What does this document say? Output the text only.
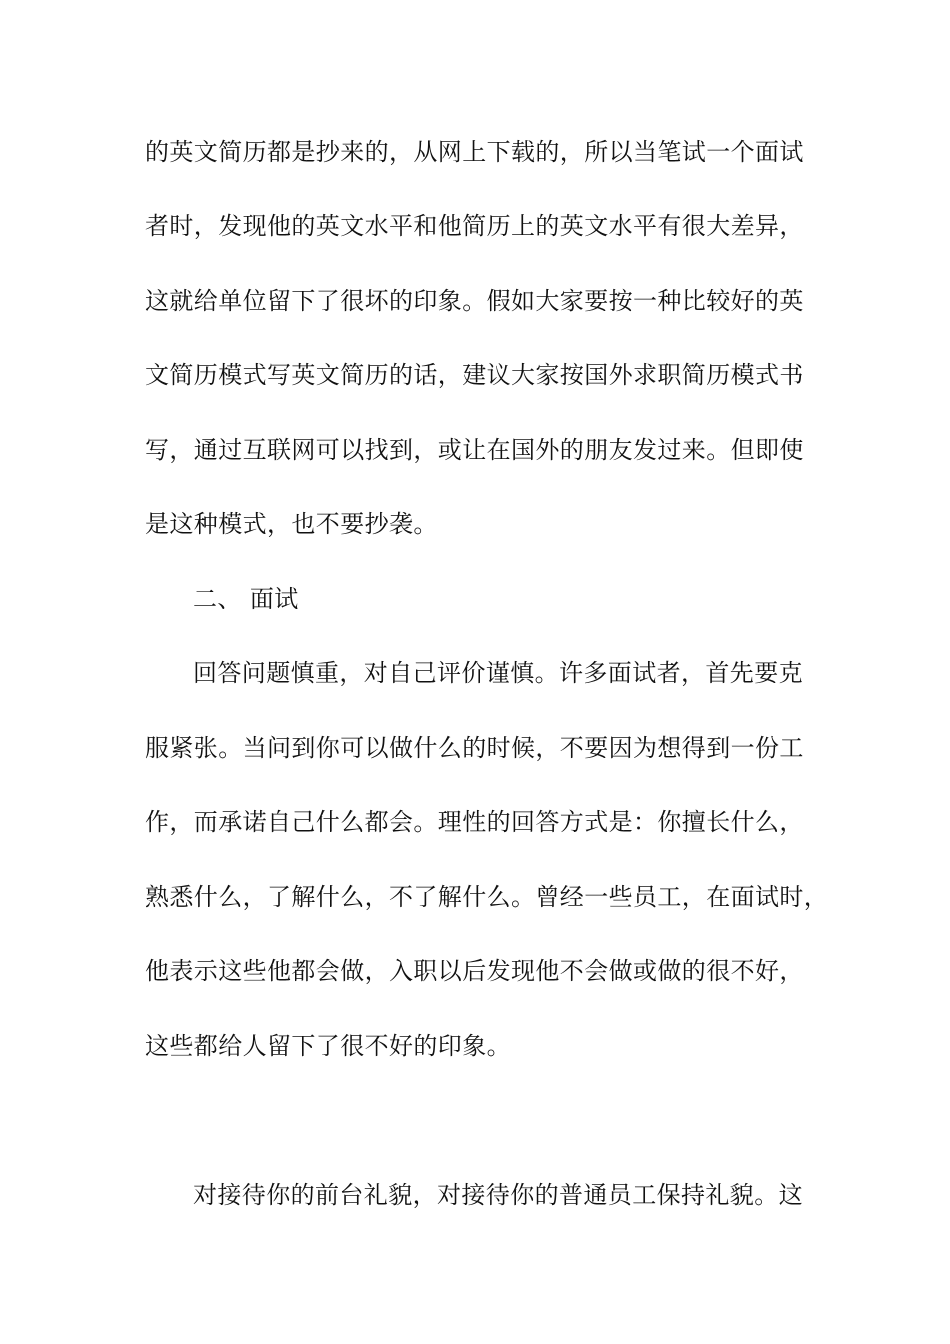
的英文简历都是抄来的，从网上下载的，所以当笔试一个面试
者时，发现他的英文水平和他简历上的英文水平有很大差异，
这就给单位留下了很坏的印象。假如大家要按一种比较好的英
文简历模式写英文简历的话，建议大家按国外求职简历模式书
写，通过互联网可以找到，或让在国外的朋友发过来。但即使
是这种模式，也不要抄袭。
二、 面试
回答问题慎重，对自己评价谨慎。许多面试者，首先要克
服紧张。当问到你可以做什么的时候，不要因为想得到一份工
作，而承诺自己什么都会。理性的回答方式是：你擅长什么，
熟悉什么，了解什么，不了解什么。曾经一些员工，在面试时，
他表示这些他都会做，入职以后发现他不会做或做的很不好，
这些都给人留下了很不好的印象。
对接待你的前台礼貌，对接待你的普通员工保持礼貌。这
